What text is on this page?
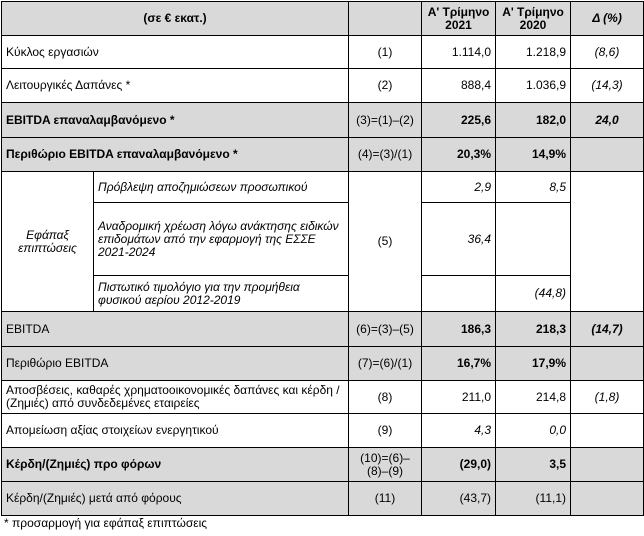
(σε € εκατ.)			Α' Τρίμηνο 2021	Α' Τρίμηνο 2020	Δ (%)
Κύκλος εργασιών		(1)	1.114,0	1.218,9	(8,6)
Λειτουργικές Δαπάνες *		(2)	888,4	1.036,9	(14,3)
EBITDA επαναλαμβανόμενο *		(3)=(1)–(2)	225,6	182,0	24,0
Περιθώριο EBITDA επαναλαμβανόμενο *		(4)=(3)/(1)	20,3%	14,9%	
Εφάπαξ επιπτώσεις	Πρόβλεψη αποζημιώσεων προσωπικού	(5)	2,9	8,5	
	Αναδρομική χρέωση λόγω ανάκτησης ειδικών επιδομάτων από την εφαρμογή της ΕΣΣΕ 2021-2024		36,4		
	Πιστωτικό τιμολόγιο για την προμήθεια φυσικού αερίου 2012-2019			(44,8)	
EBITDA		(6)=(3)–(5)	186,3	218,3	(14,7)
Περιθώριο EBITDA		(7)=(6)/(1)	16,7%	17,9%	
Αποσβέσεις, καθαρές χρηματοοικονομικές δαπάνες και κέρδη / (Ζημιές) από συνδεδεμένες εταιρείες		(8)	211,0	214,8	(1,8)
Απομείωση αξίας στοιχείων ενεργητικού		(9)	4,3	0,0	
Κέρδη/(Ζημιές) προ φόρων		(10)=(6)–(8)–(9)	(29,0)	3,5	
Κέρδη/(Ζημιές) μετά από φόρους		(11)	(43,7)	(11,1)	
* προσαρμογή για εφάπαξ επιπτώσεις
